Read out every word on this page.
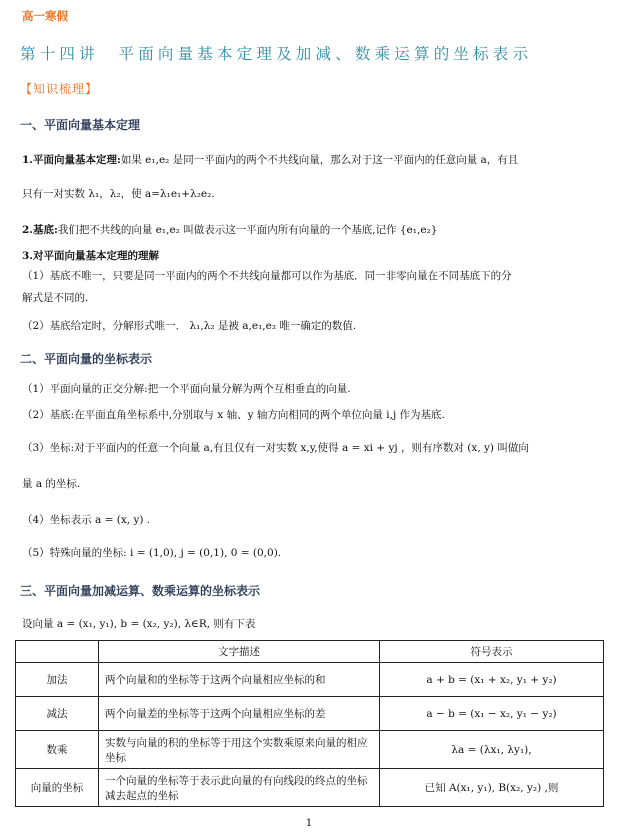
高一寒假
第十四讲　平面向量基本定理及加减、数乘运算的坐标表示
【知识梳理】
一、平面向量基本定理
1.平面向量基本定理:如果 e₁,e₂ 是同一平面内的两个不共线向量，那么对于这一平面内的任意向量 a，有且
只有一对实数 λ₁，λ₂，使 a=λ₁e₁+λ₂e₂.
2.基底:我们把不共线的向量 e₁,e₂ 叫做表示这一平面内所有向量的一个基底,记作 {e₁,e₂}
3.对平面向量基本定理的理解
（1）基底不唯一，只要是同一平面内的两个不共线向量都可以作为基底．同一非零向量在不同基底下的分
解式是不同的.
（2）基底给定时，分解形式唯一． λ₁,λ₂ 是被 a,e₁,e₂ 唯一确定的数值.
二、平面向量的坐标表示
（1）平面向量的正交分解:把一个平面向量分解为两个互相垂直的向量.
（2）基底:在平面直角坐标系中,分别取与 x 轴、y 轴方向相同的两个单位向量 i,j 作为基底.
（3）坐标:对于平面内的任意一个向量 a,有且仅有一对实数 x,y,使得 a = xi + yj ，则有序数对 (x, y) 叫做向
量 a 的坐标.
（4）坐标表示 a = (x, y) .
（5）特殊向量的坐标: i = (1,0), j = (0,1), 0 = (0,0).
三、平面向量加减运算、数乘运算的坐标表示
设向量 a = (x₁, y₁), b = (x₂, y₂), λ∈R, 则有下表
	文字描述	符号表示
加法	两个向量和的坐标等于这两个向量相应坐标的和	a + b = (x₁ + x₂, y₁ + y₂)
减法	两个向量差的坐标等于这两个向量相应坐标的差	a − b = (x₁ − x₂, y₁ − y₂)
数乘	实数与向量的积的坐标等于用这个实数乘原来向量的相应坐标	λa = (λx₁, λy₁),
向量的坐标	一个向量的坐标等于表示此向量的有向线段的终点的坐标减去起点的坐标	已知 A(x₁, y₁), B(x₂, y₂) ,则
1
